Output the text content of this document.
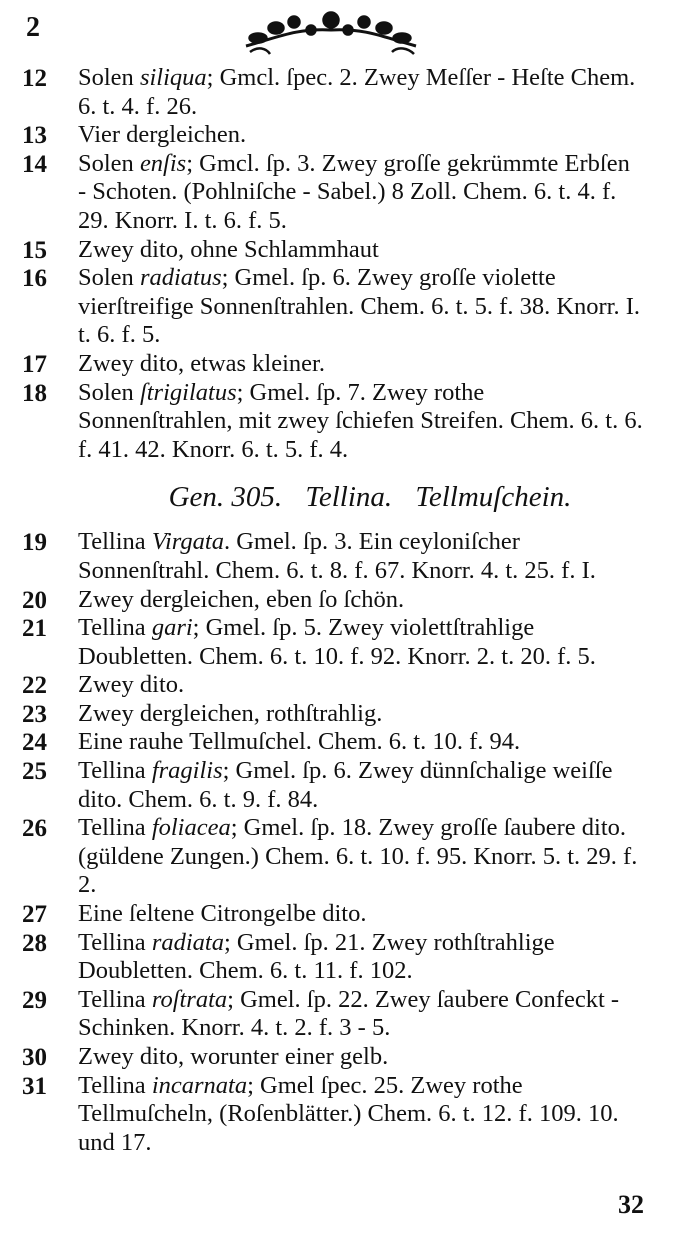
2
12	Solen siliqua; Gmcl. ſpec. 2. Zwey Meſſer - Heſte Chem. 6. t. 4. f. 26.
13	Vier dergleichen.
14	Solen enſis; Gmcl. ſp. 3. Zwey groſſe gekrümmte Erbſen - Schoten. (Pohlniſche - Sabel.) 8 Zoll. Chem. 6. t. 4. f. 29. Knorr. I. t. 6. f. 5.
15	Zwey dito, ohne Schlammhaut
16	Solen radiatus; Gmel. ſp. 6. Zwey groſſe violette vierſtreifige Sonnenſtrahlen. Chem. 6. t. 5. f. 38. Knorr. I. t. 6. f. 5.
17	Zwey dito, etwas kleiner.
18	Solen ſtrigilatus; Gmel. ſp. 7. Zwey rothe Sonnenſtrahlen, mit zwey ſchiefen Streifen. Chem. 6. t. 6. f. 41. 42. Knorr. 6. t. 5. f. 4.
Gen. 305. Tellina. Tellmuſchein.
19	Tellina Virgata. Gmel. ſp. 3. Ein ceyloniſcher Sonnenſtrahl. Chem. 6. t. 8. f. 67. Knorr. 4. t. 25. f. I.
20	Zwey dergleichen, eben ſo ſchön.
21	Tellina gari; Gmel. ſp. 5. Zwey violettſtrahlige Doubletten. Chem. 6. t. 10. f. 92. Knorr. 2. t. 20. f. 5.
22	Zwey dito.
23	Zwey dergleichen, rothſtrahlig.
24	Eine rauhe Tellmuſchel. Chem. 6. t. 10. f. 94.
25	Tellina fragilis; Gmel. ſp. 6. Zwey dünnſchalige weiſſe dito. Chem. 6. t. 9. f. 84.
26	Tellina foliacea; Gmel. ſp. 18. Zwey groſſe ſaubere dito. (güldene Zungen.) Chem. 6. t. 10. f. 95. Knorr. 5. t. 29. f. 2.
27	Eine ſeltene Citrongelbe dito.
28	Tellina radiata; Gmel. ſp. 21. Zwey rothſtrahlige Doubletten. Chem. 6. t. 11. f. 102.
29	Tellina roſtrata; Gmel. ſp. 22. Zwey ſaubere Confeckt - Schinken. Knorr. 4. t. 2. f. 3 - 5.
30	Zwey dito, worunter einer gelb.
31	Tellina incarnata; Gmel ſpec. 25. Zwey rothe Tellmuſcheln, (Roſenblätter.) Chem. 6. t. 12. f. 109. 10. und 17.
32
